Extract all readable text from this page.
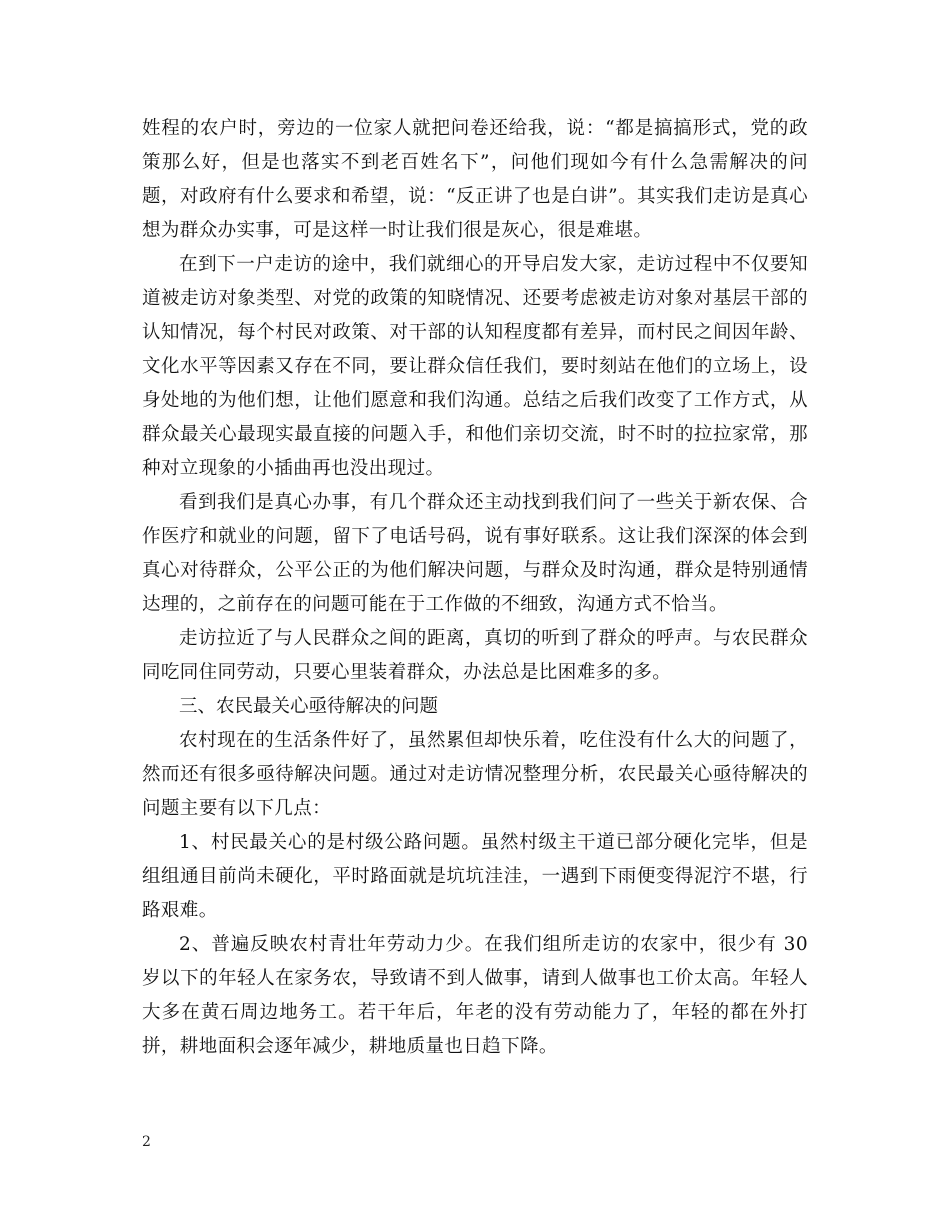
姓程的农户时，旁边的一位家人就把问卷还给我，说：“都是搞搞形式，党的政策那么好，但是也落实不到老百姓名下”，问他们现如今有什么急需解决的问题，对政府有什么要求和希望，说：“反正讲了也是白讲”。其实我们走访是真心想为群众办实事，可是这样一时让我们很是灰心，很是难堪。

在到下一户走访的途中，我们就细心的开导启发大家，走访过程中不仅要知道被走访对象类型、对党的政策的知晓情况、还要考虑被走访对象对基层干部的认知情况，每个村民对政策、对干部的认知程度都有差异，而村民之间因年龄、文化水平等因素又存在不同，要让群众信任我们，要时刻站在他们的立场上，设身处地的为他们想，让他们愿意和我们沟通。总结之后我们改变了工作方式，从群众最关心最现实最直接的问题入手，和他们亲切交流，时不时的拉拉家常，那种对立现象的小插曲再也没出现过。

看到我们是真心办事，有几个群众还主动找到我们问了一些关于新农保、合作医疗和就业的问题，留下了电话号码，说有事好联系。这让我们深深的体会到真心对待群众，公平公正的为他们解决问题，与群众及时沟通，群众是特别通情达理的，之前存在的问题可能在于工作做的不细致，沟通方式不恰当。

走访拉近了与人民群众之间的距离，真切的听到了群众的呼声。与农民群众同吃同住同劳动，只要心里装着群众，办法总是比困难多的多。

三、农民最关心亟待解决的问题

农村现在的生活条件好了，虽然累但却快乐着，吃住没有什么大的问题了，然而还有很多亟待解决问题。通过对走访情况整理分析，农民最关心亟待解决的问题主要有以下几点：

1、村民最关心的是村级公路问题。虽然村级主干道已部分硬化完毕，但是组组通目前尚未硬化，平时路面就是坑坑洼洼，一遇到下雨便变得泥泞不堪，行路艰难。

2、普遍反映农村青壮年劳动力少。在我们组所走访的农家中，很少有 30 岁以下的年轻人在家务农，导致请不到人做事，请到人做事也工价太高。年轻人大多在黄石周边地务工。若干年后，年老的没有劳动能力了，年轻的都在外打拼，耕地面积会逐年减少，耕地质量也日趋下降。

2
